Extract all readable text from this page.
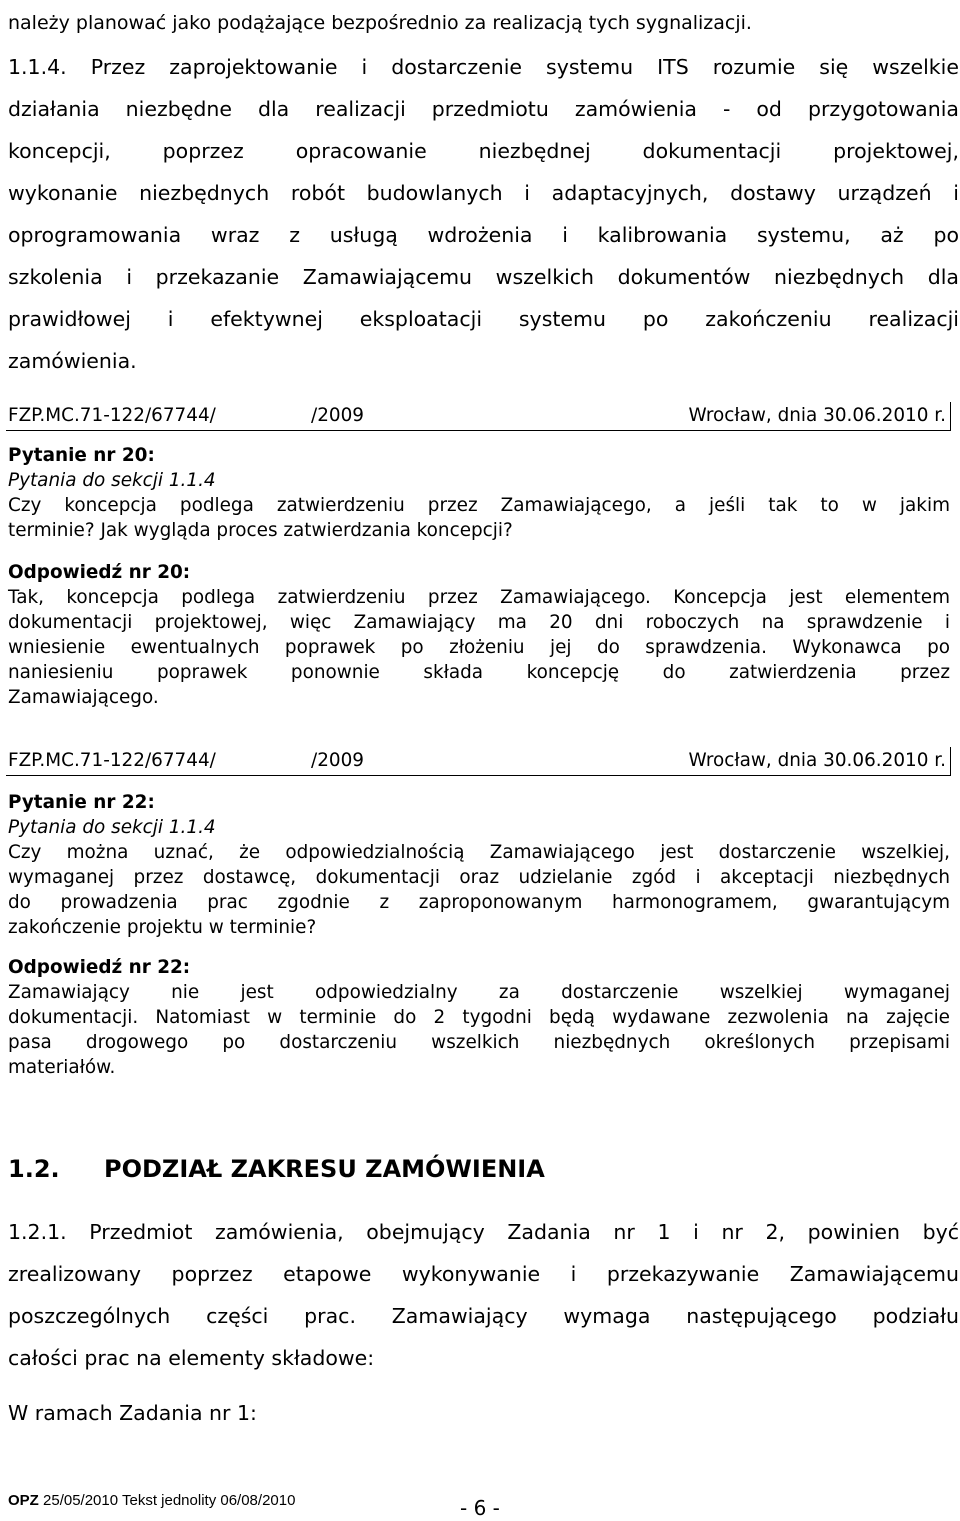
należy planować jako podążające bezpośrednio za realizacją tych sygnalizacji.
1.1.4. Przez zaprojektowanie i dostarczenie systemu ITS rozumie się wszelkie
działania niezbędne dla realizacji przedmiotu zamówienia - od przygotowania
koncepcji, poprzez opracowanie niezbędnej dokumentacji projektowej,
wykonanie niezbędnych robót budowlanych i adaptacyjnych, dostawy urządzeń i
oprogramowania wraz z usługą wdrożenia i kalibrowania systemu, aż po
szkolenia i przekazanie Zamawiającemu wszelkich dokumentów niezbędnych dla
prawidłowej i efektywnej eksploatacji systemu po zakończeniu realizacji
zamówienia.
FZP.MC.71-122/67744/	/2009	Wrocław, dnia 30.06.2010 r.
Pytanie nr 20:
Pytania do sekcji 1.1.4
Czy koncepcja podlega zatwierdzeniu przez Zamawiającego, a jeśli tak to w jakim
terminie? Jak wygląda proces zatwierdzania koncepcji?
Odpowiedź nr 20:
Tak, koncepcja podlega zatwierdzeniu przez Zamawiającego. Koncepcja jest elementem
dokumentacji projektowej, więc Zamawiający ma 20 dni roboczych na sprawdzenie i
wniesienie ewentualnych poprawek po złożeniu jej do sprawdzenia. Wykonawca po
naniesieniu poprawek ponownie składa koncepcję do zatwierdzenia przez
Zamawiającego.
FZP.MC.71-122/67744/	/2009	Wrocław, dnia 30.06.2010 r.
Pytanie nr 22:
Pytania do sekcji 1.1.4
Czy można uznać, że odpowiedzialnością Zamawiającego jest dostarczenie wszelkiej,
wymaganej przez dostawcę, dokumentacji oraz udzielanie zgód i akceptacji niezbędnych
do prowadzenia prac zgodnie z zaproponowanym harmonogramem, gwarantującym
zakończenie projektu w terminie?
Odpowiedź nr 22:
Zamawiający nie jest odpowiedzialny za dostarczenie wszelkiej wymaganej
dokumentacji. Natomiast w terminie do 2 tygodni będą wydawane zezwolenia na zajęcie
pasa drogowego po dostarczeniu wszelkich niezbędnych określonych przepisami
materiałów.
1.2. PODZIAŁ ZAKRESU ZAMÓWIENIA
1.2.1. Przedmiot zamówienia, obejmujący Zadania nr 1 i nr 2, powinien być
zrealizowany poprzez etapowe wykonywanie i przekazywanie Zamawiającemu
poszczególnych części prac. Zamawiający wymaga następującego podziału
całości prac na elementy składowe:
W ramach Zadania nr 1:
OPZ 25/05/2010 Tekst jednolity 06/08/2010	- 6 -
